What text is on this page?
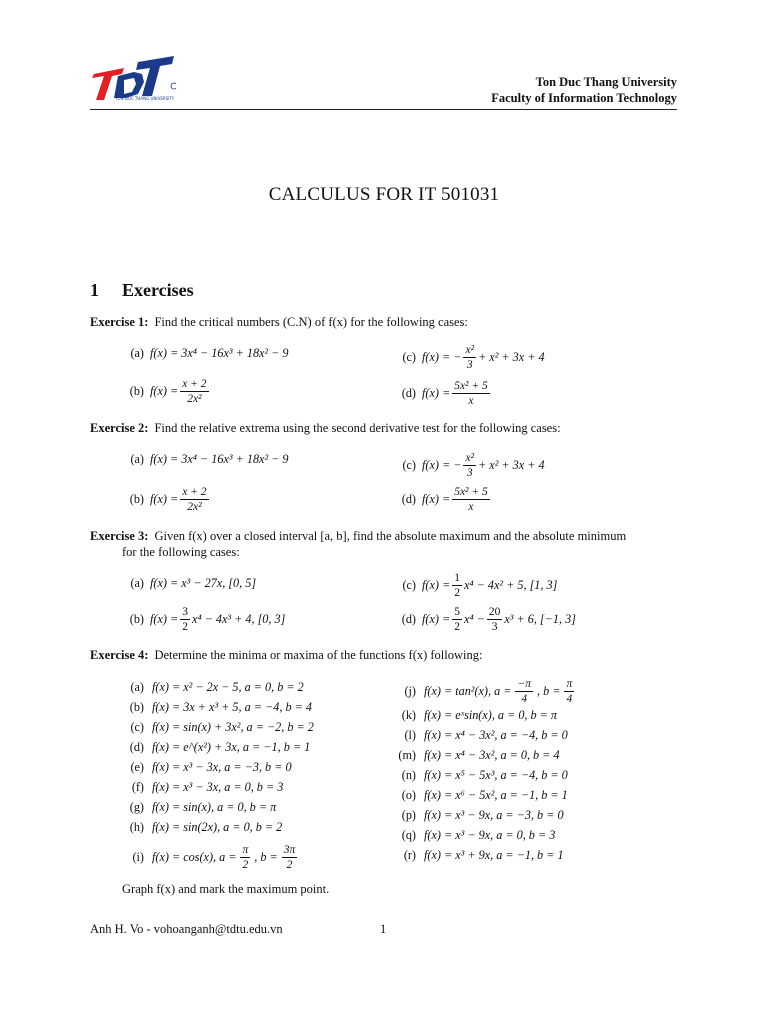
TON DUC THANG UNIVERSITY
Ton Duc Thang University
Faculty of Information Technology
CALCULUS FOR IT 501031
1 Exercises
Exercise 1: Find the critical numbers (C.N) of f(x) for the following cases:
(a) f(x) = 3x⁴ − 16x³ + 18x² − 9
(b) $f(x) = \frac{x + 2}{\text{2x²}}$
(c) f(x) = − $\frac{\text{x²}}{3} + x^2 + 3x + 4$
(d) $f(x) = \frac{\text{5x² + 5}}{x}$
Exercise 2: Find the relative extrema using the second derivative test for the following cases:
(a) f(x) = 3x⁴ − 16x³ + 18x² − 9
(b) $f(x) = \frac{x + 2}{\text{2x²}}$
(c) f(x) = − $\frac{\text{x²}}{3} + x^2 + 3x + 4$
(d) $f(x) = \frac{\text{5x² + 5}}{x}$
Exercise 3: Given f(x) over a closed interval [a, b], find the absolute maximum and the absolute minimum
for the following cases:
(a) f(x) = x³ − 27x, [0, 5]
(b) $f(x) = \frac{3}{2} x^4 - 4x^3 + 4$, [0, 3]
(c) $f(x) = \frac{1}{2} x^4 - 4x^2 + 5$, [1, 3]
(d) $f(x) = \frac{5}{2} x^4 - \frac{20}{3} x^3 + 6$, [−1, 3]
Exercise 4: Determine the minima or maxima of the functions f(x) following:
(a) f(x) = x² − 2x − 5, a = 0, b = 2
(b) f(x) = 3x + x³ + 5, a = −4, b = 4
(c) f(x) = sin(x) + 3x², a = −2, b = 2
(d) f(x) = e^(x²) + 3x, a = −1, b = 1
(e) f(x) = x³ − 3x, a = −3, b = 0
(f) f(x) = x³ − 3x, a = 0, b = 3
(g) f(x) = sin(x), a = 0, b = π
(h) f(x) = sin(2x), a = 0, b = 2
(i) f(x) = cos(x), $a = \frac{\pi}{2}$ , $b = \frac{3\pi}{2}$
(j) f(x) = tan²(x), $a = \frac{-\pi}{4}$ , $b = \frac{\pi}{4}$
(k) f(x) = eˣsin(x), a = 0, b = π
(l) f(x) = x⁴ − 3x², a = −4, b = 0
(m) f(x) = x⁴ − 3x², a = 0, b = 4
(n) f(x) = x⁵ − 5x³, a = −4, b = 0
(o) f(x) = x⁶ − 5x², a = −1, b = 1
(p) f(x) = x³ − 9x, a = −3, b = 0
(q) f(x) = x³ − 9x, a = 0, b = 3
(r) f(x) = x³ + 9x, a = −1, b = 1
Graph f(x) and mark the maximum point.
Anh H. Vo - vohoanganh@tdtu.edu.vn	1
